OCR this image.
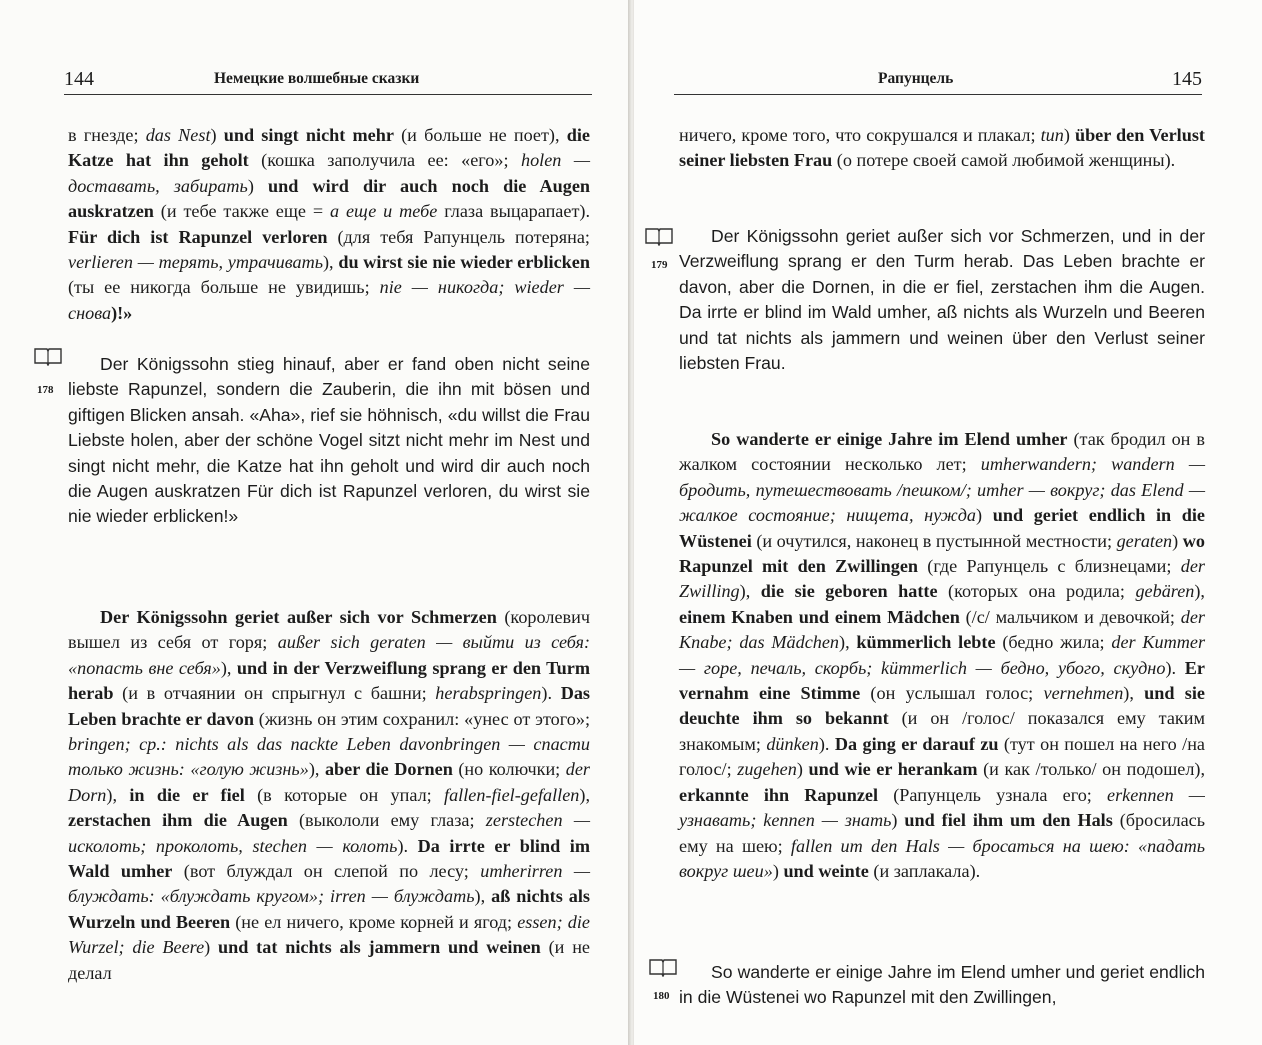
144	Немецкие волшебные сказки
в гнезде; das Nest) und singt nicht mehr (и больше не поет), die Katze hat ihn geholt (кошка заполучила ее: «его»; holen — доставать, забирать) und wird dir auch noch die Augen auskratzen (и тебе также еще = а еще и тебе глаза выцарапает). Für dich ist Rapunzel verloren (для тебя Рапунцель потеряна; verlieren — терять, утрачивать), du wirst sie nie wieder erblicken (ты ее никогда больше не увидишь; nie — никогда; wieder — снова)!»
178
Der Königssohn stieg hinauf, aber er fand oben nicht seine liebste Rapunzel, sondern die Zauberin, die ihn mit bösen und giftigen Blicken ansah. «Aha», rief sie höhnisch, «du willst die Frau Liebste holen, aber der schöne Vogel sitzt nicht mehr im Nest und singt nicht mehr, die Katze hat ihn geholt und wird dir auch noch die Augen auskratzen Für dich ist Rapunzel verloren, du wirst sie nie wieder erblicken!»
Der Königssohn geriet außer sich vor Schmerzen (королевич вышел из себя от горя; außer sich geraten — выйти из себя: «попасть вне себя»), und in der Verzweiflung sprang er den Turm herab (и в отчаянии он спрыгнул с башни; herabspringen). Das Leben brachte er davon (жизнь он этим сохранил: «унес от этого»; bringen; ср.: nichts als das nackte Leben davonbringen — спасти только жизнь: «голую жизнь»), aber die Dornen (но колючки; der Dorn), in die er fiel (в которые он упал; fallen-fiel-gefallen), zerstachen ihm die Augen (выкололи ему глаза; zerstechen — исколоть; проколоть, stechen — колоть). Da irrte er blind im Wald umher (вот блуждал он слепой по лесу; umherirren — блуждать: «блуждать кругом»; irren — блуждать), aß nichts als Wurzeln und Beeren (не ел ничего, кроме корней и ягод; essen; die Wurzel; die Beere) und tat nichts als jammern und weinen (и не делал
Рапунцель	145
ничего, кроме того, что сокрушался и плакал; tun) über den Verlust seiner liebsten Frau (о потере своей самой любимой женщины).
179
Der Königssohn geriet außer sich vor Schmerzen, und in der Verzweiflung sprang er den Turm herab. Das Leben brachte er davon, aber die Dornen, in die er fiel, zerstachen ihm die Augen. Da irrte er blind im Wald umher, aß nichts als Wurzeln und Beeren und tat nichts als jammern und weinen über den Verlust seiner liebsten Frau.
So wanderte er einige Jahre im Elend umher (так бродил он в жалком состоянии несколько лет; umherwandern; wandern — бродить, путешествовать /пешком/; umher — вокруг; das Elend — жалкое состояние; нищета, нужда) und geriet endlich in die Wüstenei (и очутился, наконец в пустынной местности; geraten) wo Rapunzel mit den Zwillingen (где Рапунцель с близнецами; der Zwilling), die sie geboren hatte (которых она родила; gebären), einem Knaben und einem Mädchen (/с/ мальчиком и девочкой; der Knabe; das Mädchen), kümmerlich lebte (бедно жила; der Kummer — горе, печаль, скорбь; kümmerlich — бедно, убого, скудно). Er vernahm eine Stimme (он услышал голос; vernehmen), und sie deuchte ihm so bekannt (и он /голос/ показался ему таким знакомым; dünken). Da ging er darauf zu (тут он пошел на него /на голос/; zugehen) und wie er herankam (и как /только/ он подошел), erkannte ihn Rapunzel (Рапунцель узнала его; erkennen — узнавать; kennen — знать) und fiel ihm um den Hals (бросилась ему на шею; fallen um den Hals — бросаться на шею: «падать вокруг шеи») und weinte (и заплакала).
180
So wanderte er einige Jahre im Elend umher und geriet endlich in die Wüstenei wo Rapunzel mit den Zwillingen,
